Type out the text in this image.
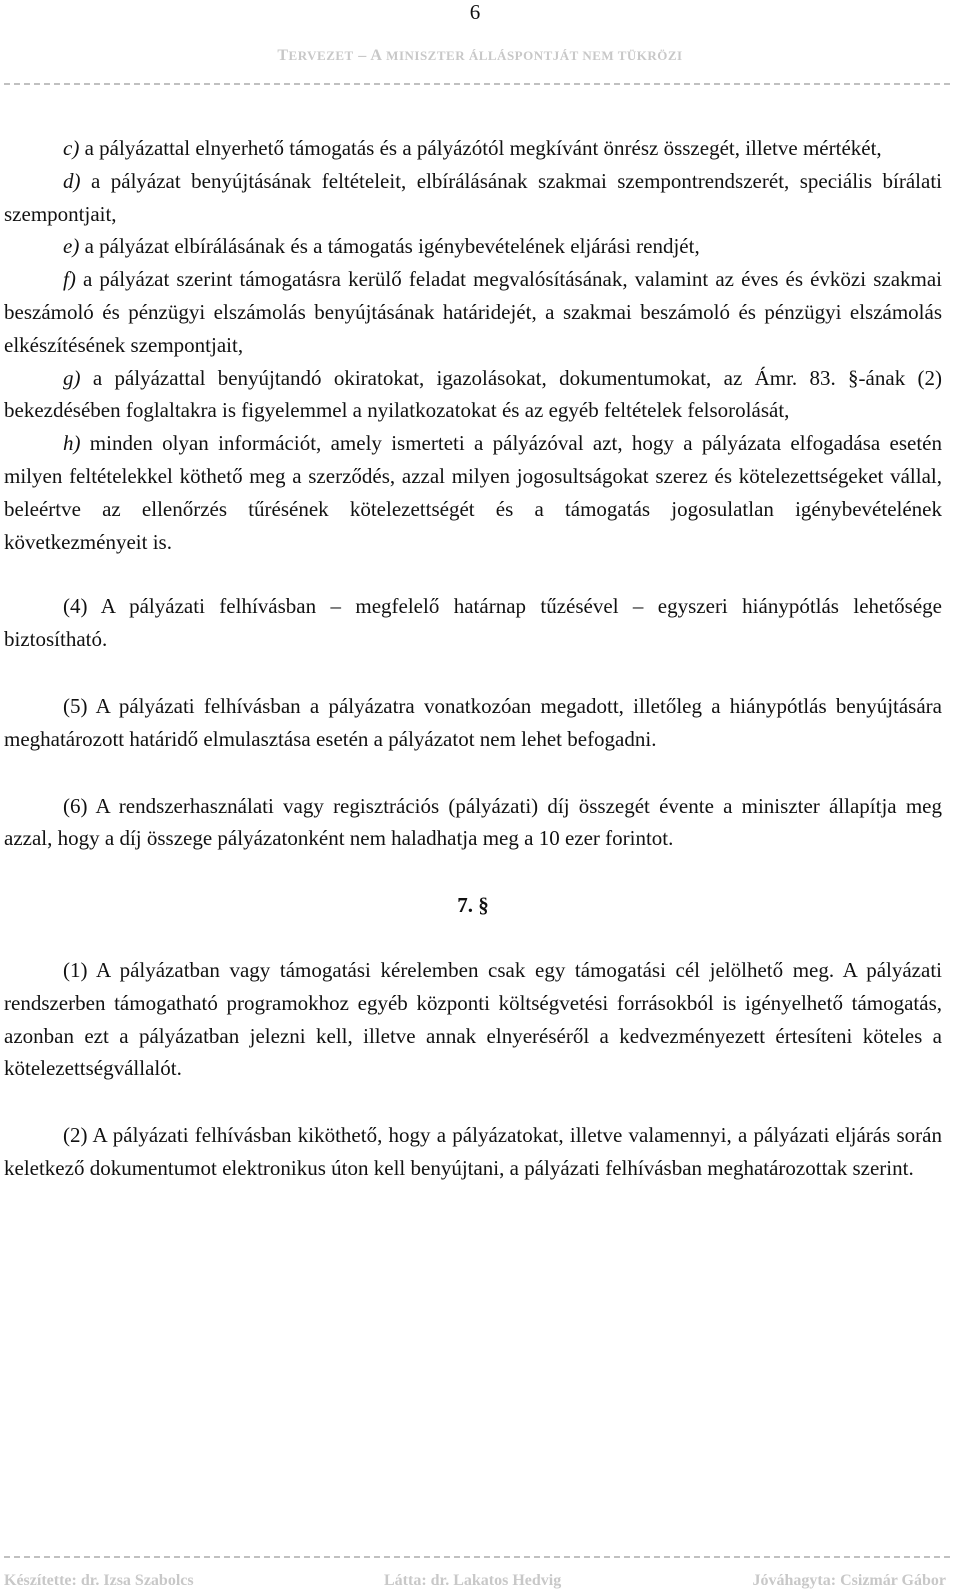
6
TERVEZET – A MINISZTER ÁLLÁSPONTJÁT NEM TÜKRÖZI

c) a pályázattal elnyerhető támogatás és a pályázótól megkívánt önrész összegét, illetve mértékét,

d) a pályázat benyújtásának feltételeit, elbírálásának szakmai szempontrendszerét, speciális bírálati szempontjait,

e) a pályázat elbírálásának és a támogatás igénybevételének eljárási rendjét,

f) a pályázat szerint támogatásra kerülő feladat megvalósításának, valamint az éves és évközi szakmai beszámoló és pénzügyi elszámolás benyújtásának határidejét, a szakmai beszámoló és pénzügyi elszámolás elkészítésének szempontjait,

g) a pályázattal benyújtandó okiratokat, igazolásokat, dokumentumokat, az Ámr. 83. §-ának (2) bekezdésében foglaltakra is figyelemmel a nyilatkozatokat és az egyéb feltételek felsorolását,

h) minden olyan információt, amely ismerteti a pályázóval azt, hogy a pályázata elfogadása esetén milyen feltételekkel köthető meg a szerződés, azzal milyen jogosultságokat szerez és kötelezettségeket vállal, beleértve az ellenőrzés tűrésének kötelezettségét és a támogatás jogosulatlan igénybevételének következményeit is.

(4) A pályázati felhívásban – megfelelő határnap tűzésével – egyszeri hiánypótlás lehetősége biztosítható.

(5) A pályázati felhívásban a pályázatra vonatkozóan megadott, illetőleg a hiánypótlás benyújtására meghatározott határidő elmulasztása esetén a pályázatot nem lehet befogadni.

(6) A rendszerhasználati vagy regisztrációs (pályázati) díj összegét évente a miniszter állapítja meg azzal, hogy a díj összege pályázatonként nem haladhatja meg a 10 ezer forintot.

7. §

(1) A pályázatban vagy támogatási kérelemben csak egy támogatási cél jelölhető meg. A pályázati rendszerben támogatható programokhoz egyéb központi költségvetési forrásokból is igényelhető támogatás, azonban ezt a pályázatban jelezni kell, illetve annak elnyeréséről a kedvezményezett értesíteni köteles a kötelezettségvállalót.

(2) A pályázati felhívásban kiköthető, hogy a pályázatokat, illetve valamennyi, a pályázati eljárás során keletkező dokumentumot elektronikus úton kell benyújtani, a pályázati felhívásban meghatározottak szerint.

Készítette: dr. Izsa Szabolcs	Látta: dr. Lakatos Hedvig	Jóváhagyta: Csizmár Gábor
